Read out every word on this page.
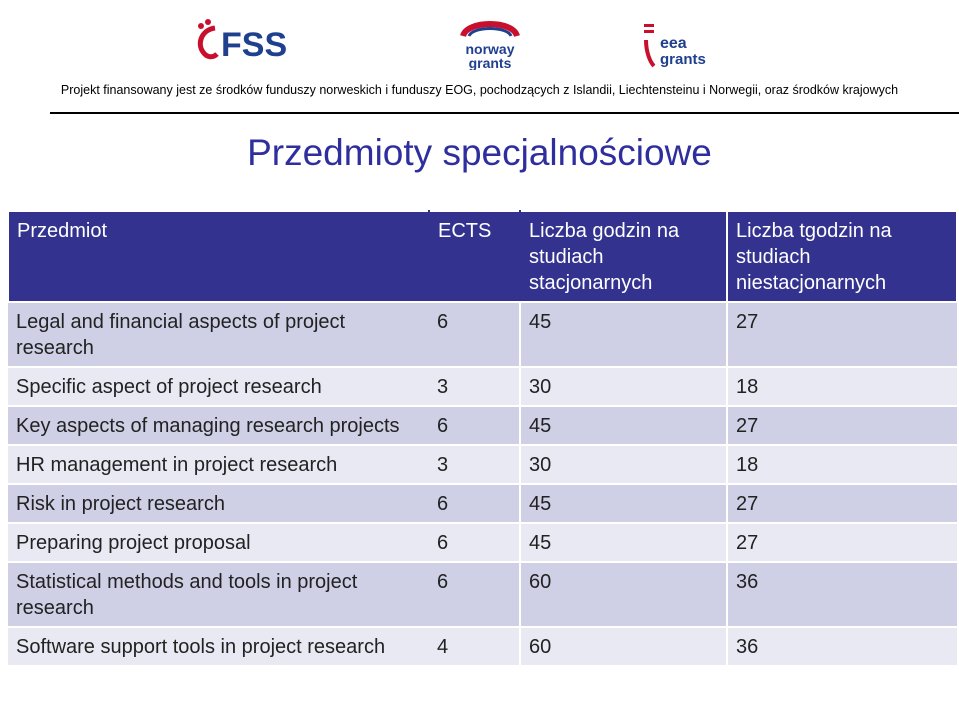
FSS	norway
grants
eea
grants
Projekt finansowany jest ze środków funduszy norweskich i funduszy EOG, pochodzących z Islandii, Liechtensteinu i Norwegii, oraz środków krajowych
Przedmioty specjalnościowe
Przedmiot	ECTS	Liczba godzin na studiach stacjonarnych	Liczba tgodzin na studiach niestacjonarnych
Legal and financial aspects of project research	6	45	27
Specific aspect of project research	3	30	18
Key aspects of managing research projects	6	45	27
HR management in project research	3	30	18
Risk in project research	6	45	27
Preparing project proposal	6	45	27
Statistical methods and tools in project research	6	60	36
Software support tools in project research	4	60	36
